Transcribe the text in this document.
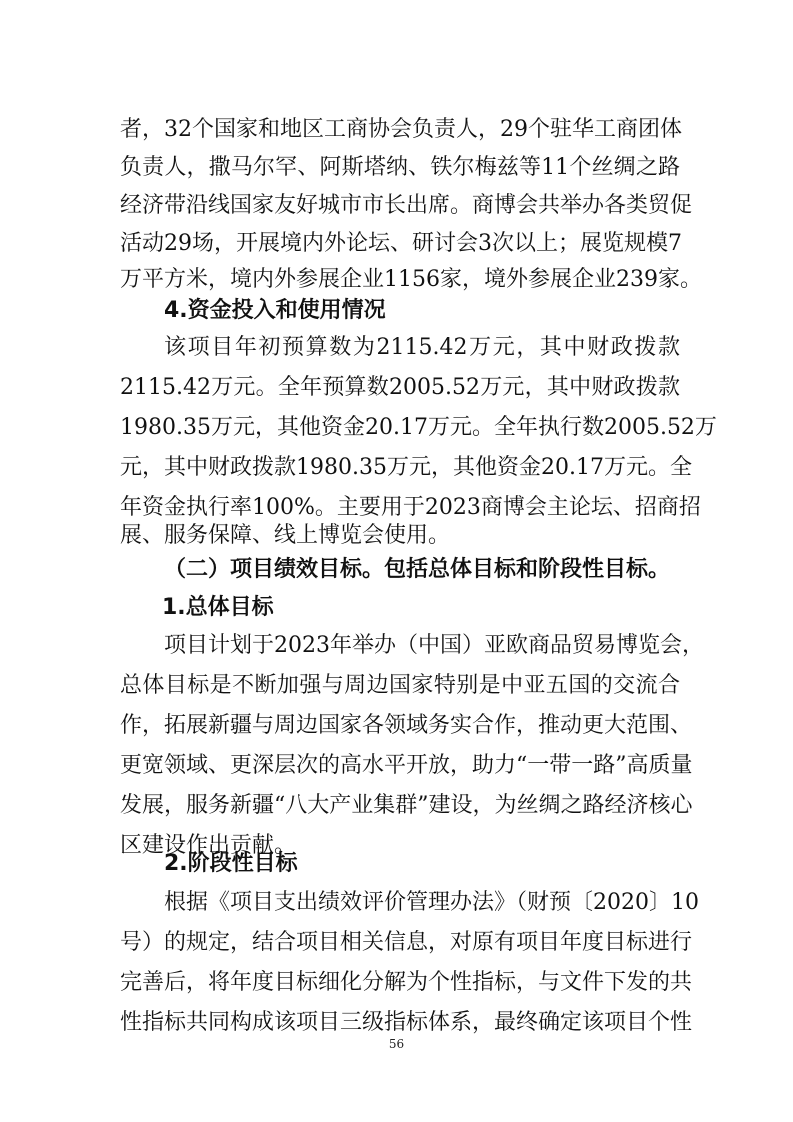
者，32个国家和地区工商协会负责人，29个驻华工商团体
负责人，撒马尔罕、阿斯塔纳、铁尔梅兹等11个丝绸之路
经济带沿线国家友好城市市长出席。商博会共举办各类贸促
活动29场，开展境内外论坛、研讨会3次以上；展览规模7
万平方米，境内外参展企业1156家，境外参展企业239家。
4.资金投入和使用情况
该项目年初预算数为2115.42万元，其中财政拨款
2115.42万元。全年预算数2005.52万元，其中财政拨款
1980.35万元，其他资金20.17万元。全年执行数2005.52万
元，其中财政拨款1980.35万元，其他资金20.17万元。全
年资金执行率100%。主要用于2023商博会主论坛、招商招
展、服务保障、线上博览会使用。
（二）项目绩效目标。包括总体目标和阶段性目标。
1.总体目标
项目计划于2023年举办（中国）亚欧商品贸易博览会，
总体目标是不断加强与周边国家特别是中亚五国的交流合
作，拓展新疆与周边国家各领域务实合作，推动更大范围、
更宽领域、更深层次的高水平开放，助力“一带一路”高质量
发展，服务新疆“八大产业集群”建设，为丝绸之路经济核心
区建设作出贡献。
2.阶段性目标
根据《项目支出绩效评价管理办法》（财预〔2020〕10
号）的规定，结合项目相关信息，对原有项目年度目标进行
完善后，将年度目标细化分解为个性指标，与文件下发的共
性指标共同构成该项目三级指标体系，最终确定该项目个性
56
